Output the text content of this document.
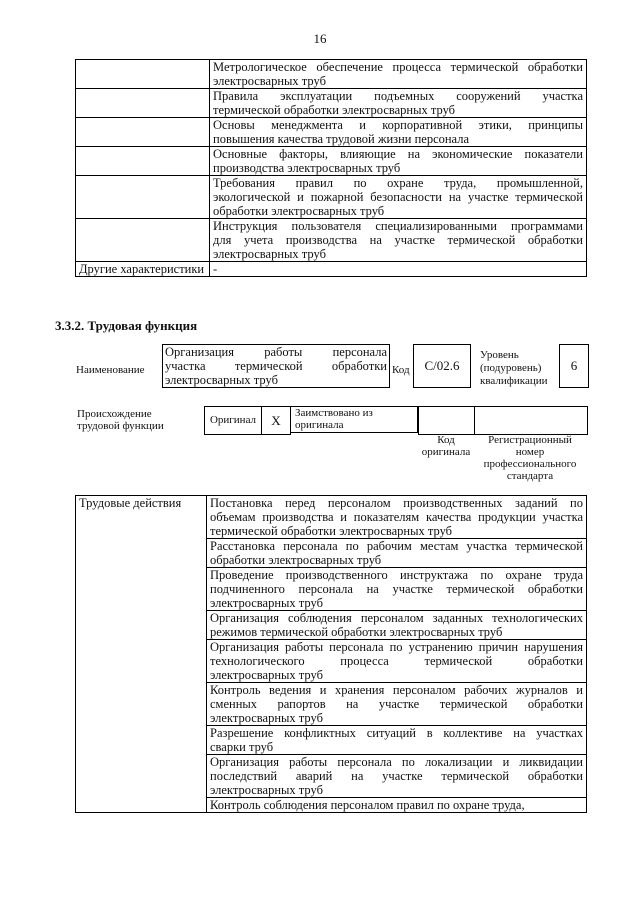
16

	Метрологическое обеспечение процесса термической обработки
электросварных труб

	Правила эксплуатации подъемных сооружений участка
термической обработки электросварных труб

	Основы менеджмента и корпоративной этики, принципы
повышения качества трудовой жизни персонала

	Основные факторы, влияющие на экономические показатели
производства электросварных труб

	Требования правил по охране труда, промышленной,
экологической и пожарной безопасности на участке термической
обработки электросварных труб

	Инструкция пользователя специализированными программами
для учета производства на участке термической обработки
электросварных труб

Другие характеристики	-
3.3.2. Трудовая функция
Наименование
Организация работы персонала
участка термической обработки
электросварных труб
Код	C/02.6
Уровень
(подуровень)
квалификации
6
Происхождение
трудовой функции	Оригинал	X	Заимствовано из
оригинала
Код
оригинала
Регистрационный
номер
профессионального
стандарта
Трудовые действия	Постановка перед персоналом производственных заданий по
объемам производства и показателям качества продукции участка
термической обработки электросварных труб

Расстановка персонала по рабочим местам участка термической
обработки электросварных труб

Проведение производственного инструктажа по охране труда
подчиненного персонала на участке термической обработки
электросварных труб

Организация соблюдения персоналом заданных технологических
режимов термической обработки электросварных труб

Организация работы персонала по устранению причин нарушения
технологического процесса термической обработки
электросварных труб

Контроль ведения и хранения персоналом рабочих журналов и
сменных рапортов на участке термической обработки
электросварных труб

Разрешение конфликтных ситуаций в коллективе на участках
сварки труб

Организация работы персонала по локализации и ликвидации
последствий аварий на участке термической обработки
электросварных труб

Контроль соблюдения персоналом правил по охране труда,
